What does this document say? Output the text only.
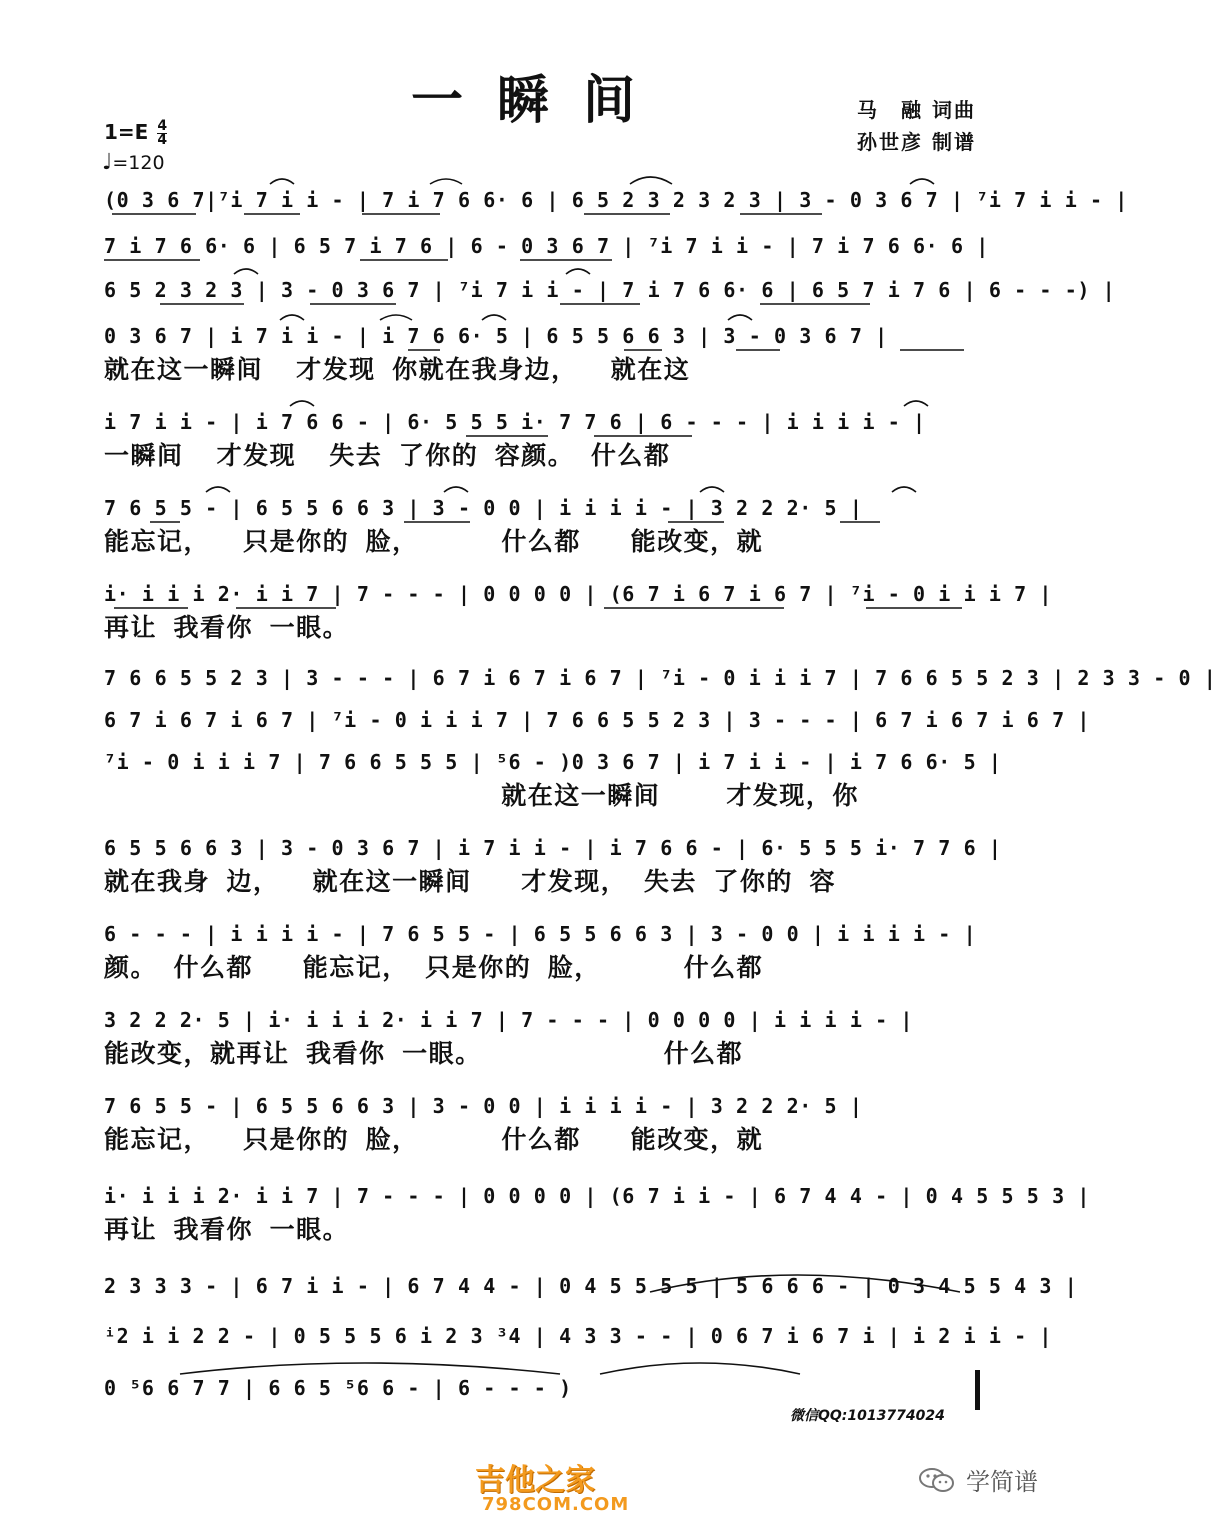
一瞬间	马　融 词曲
孙世彦 制谱
$1=E \frac{4}{4}$
♩=120
(0 3 6 7|⁷i 7 i i - | 7 i 7 6 6· 6 | 6 5 2 3 2 3 2 3 | 3 - 0 3 6 7 | ⁷i 7 i i - |
7 i 7 6 6· 6 | 6 5 7 i 7 6 | 6 - 0 3 6 7 | ⁷i 7 i i - | 7 i 7 6 6· 6 |
6 5 2 3 2 3 | 3 - 0 3 6 7 | ⁷i 7 i i - | 7 i 7 6 6· 6 | 6 5 7 i 7 6 | 6 - - -) |
0 3 6 7 | i 7 i i - | i 7 6 6· 5 | 6 5 5 6 6 3 | 3 - 0 3 6 7 |
就在这一瞬间  才发现 你就在我身边，  就在这
i 7 i i - | i 7 6 6 - | 6· 5 5 5 i· 7 7 6 | 6 - - - | i i i i - |
一瞬间  才发现  失去 了你的 容颜。 什么都
7 6 5 5 - | 6 5 5 6 6 3 | 3 - 0 0 | i i i i - | 3 2 2 2· 5 |
能忘记，  只是你的 脸，     什么都   能改变，就
i· i i i 2· i i 7 | 7 - - - | 0 0 0 0 | (6 7 i 6 7 i 6 7 | ⁷i - 0 i i i 7 |
再让 我看你 一眼。
7 6 6 5 5 2 3 | 3 - - - | 6 7 i 6 7 i 6 7 | ⁷i - 0 i i i 7 | 7 6 6 5 5 2 3 | 2 3 3 - 0 |
6 7 i 6 7 i 6 7 | ⁷i - 0 i i i 7 | 7 6 6 5 5 2 3 | 3 - - - | 6 7 i 6 7 i 6 7 |
⁷i - 0 i i i 7 | 7 6 6 5 5 5 | ⁵6 - )0 3 6 7 | i 7 i i - | i 7 6 6· 5 |
就在这一瞬间    才发现，你
6 5 5 6 6 3 | 3 - 0 3 6 7 | i 7 i i - | i 7 6 6 - | 6· 5 5 5 i· 7 7 6 |
就在我身 边，  就在这一瞬间   才发现， 失去 了你的 容
6 - - - | i i i i - | 7 6 5 5 - | 6 5 5 6 6 3 | 3 - 0 0 | i i i i - |
颜。 什么都   能忘记， 只是你的 脸，     什么都
3 2 2 2· 5 | i· i i i 2· i i 7 | 7 - - - | 0 0 0 0 | i i i i - |
能改变，就再让 我看你 一眼。           什么都
7 6 5 5 - | 6 5 5 6 6 3 | 3 - 0 0 | i i i i - | 3 2 2 2· 5 |
能忘记，  只是你的 脸，     什么都   能改变，就
i· i i i 2· i i 7 | 7 - - - | 0 0 0 0 | (6 7 i i - | 6 7 4 4 - | 0 4 5 5 5 3 |
再让 我看你 一眼。
2 3 3 3 - | 6 7 i i - | 6 7 4 4 - | 0 4 5 5 5 5 | 5 6 6 6 - | 0 3 4 5 5 4 3 |
ⁱ2 i i 2 2 - | 0 5 5 5 6 i 2 3 ³4 | 4 3 3 - - | 0 6 7 i 6 7 i | i 2 i i - |
0 ⁵6 6 7 7 | 6 6 5 ⁵6 6 - | 6 - - - )
微信QQ:1013774024
吉他之家
798COM.COM
学简谱
